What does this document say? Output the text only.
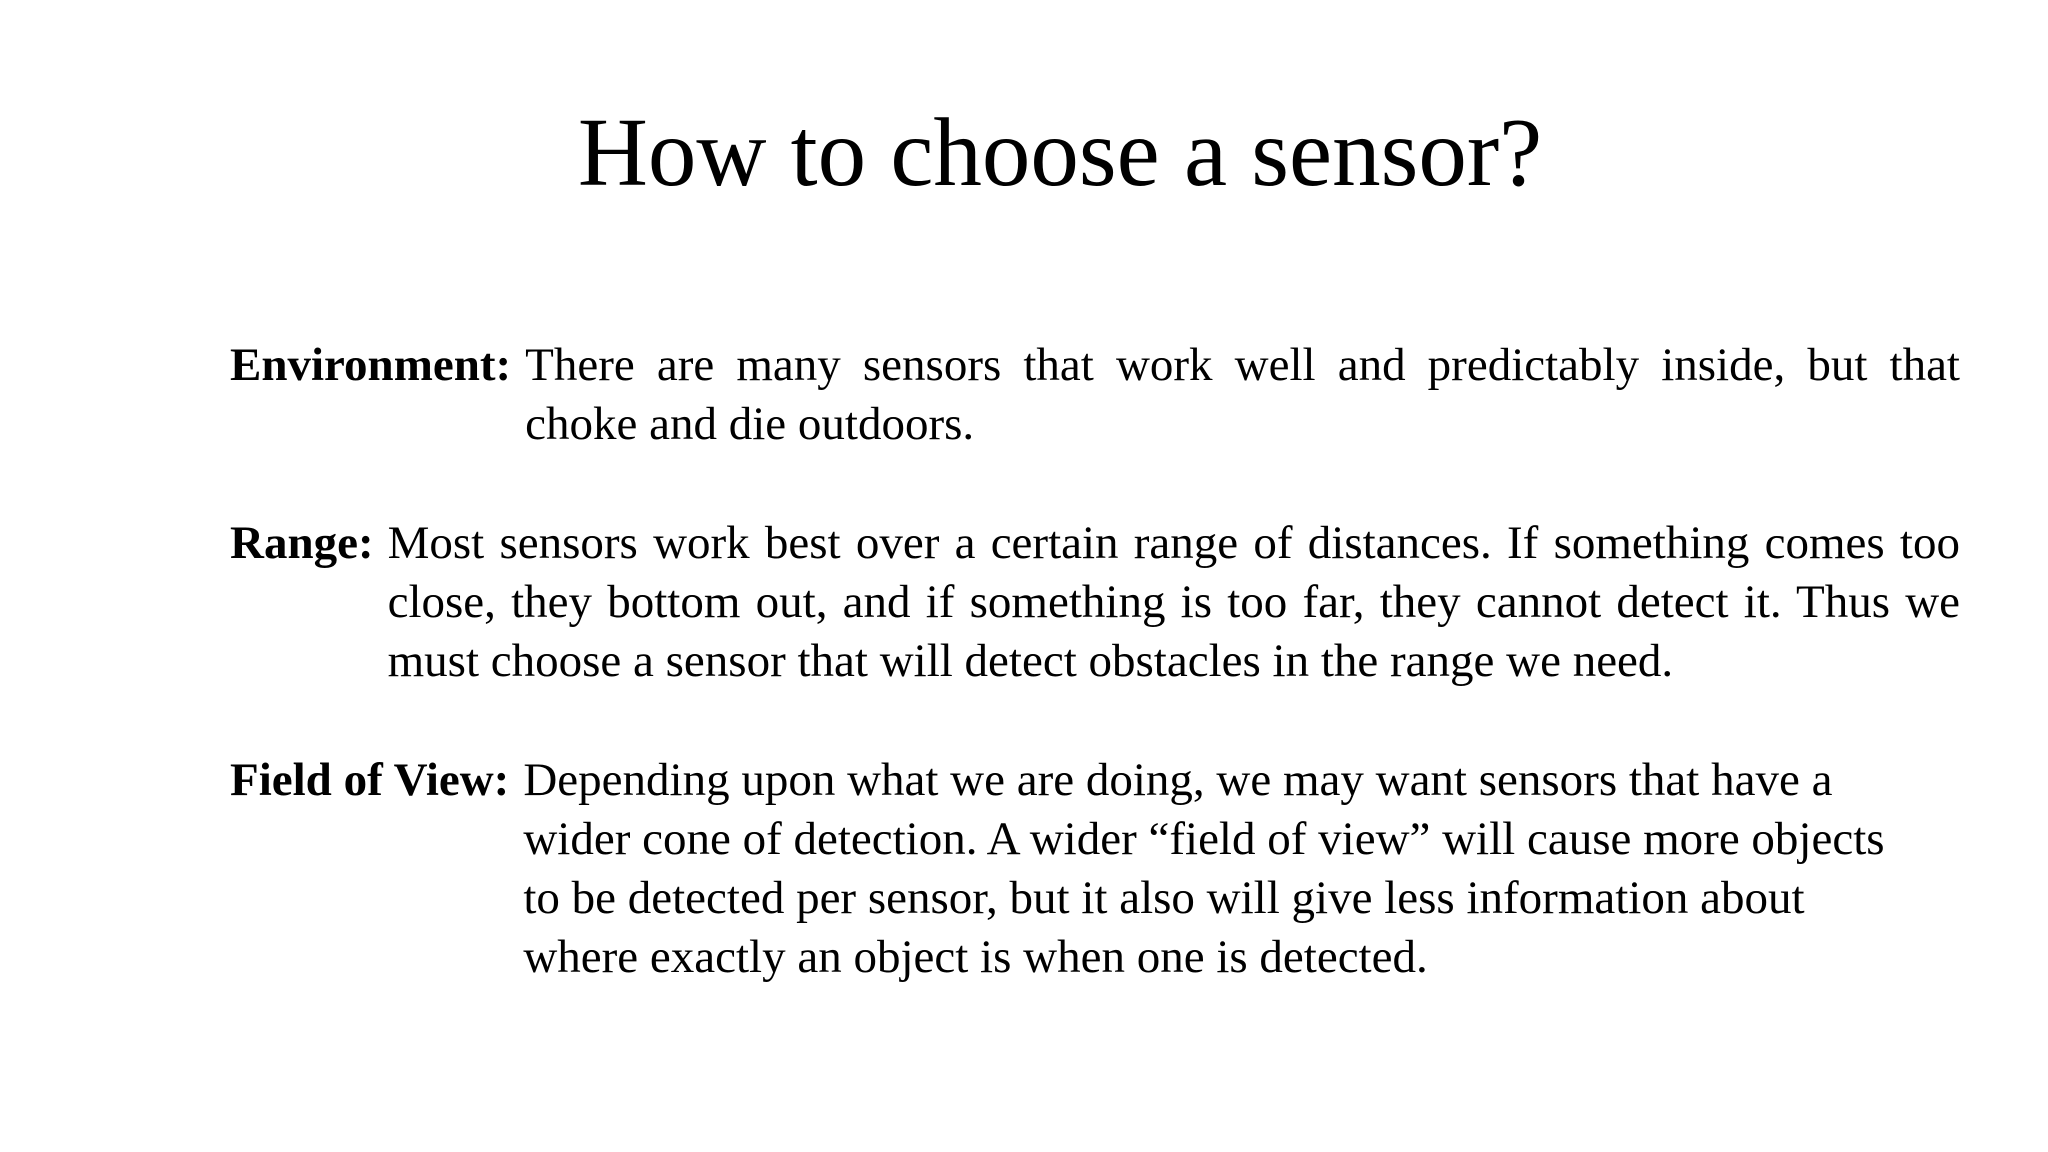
How to choose a sensor?
Environment: There are many sensors that work well and predictably inside, but that choke and die outdoors.
Range: Most sensors work best over a certain range of distances. If something comes too close, they bottom out, and if something is too far, they cannot detect it. Thus we must choose a sensor that will detect obstacles in the range we need.
Field of View: Depending upon what we are doing, we may want sensors that have a wider cone of detection. A wider “field of view” will cause more objects to be detected per sensor, but it also will give less information about where exactly an object is when one is detected.
